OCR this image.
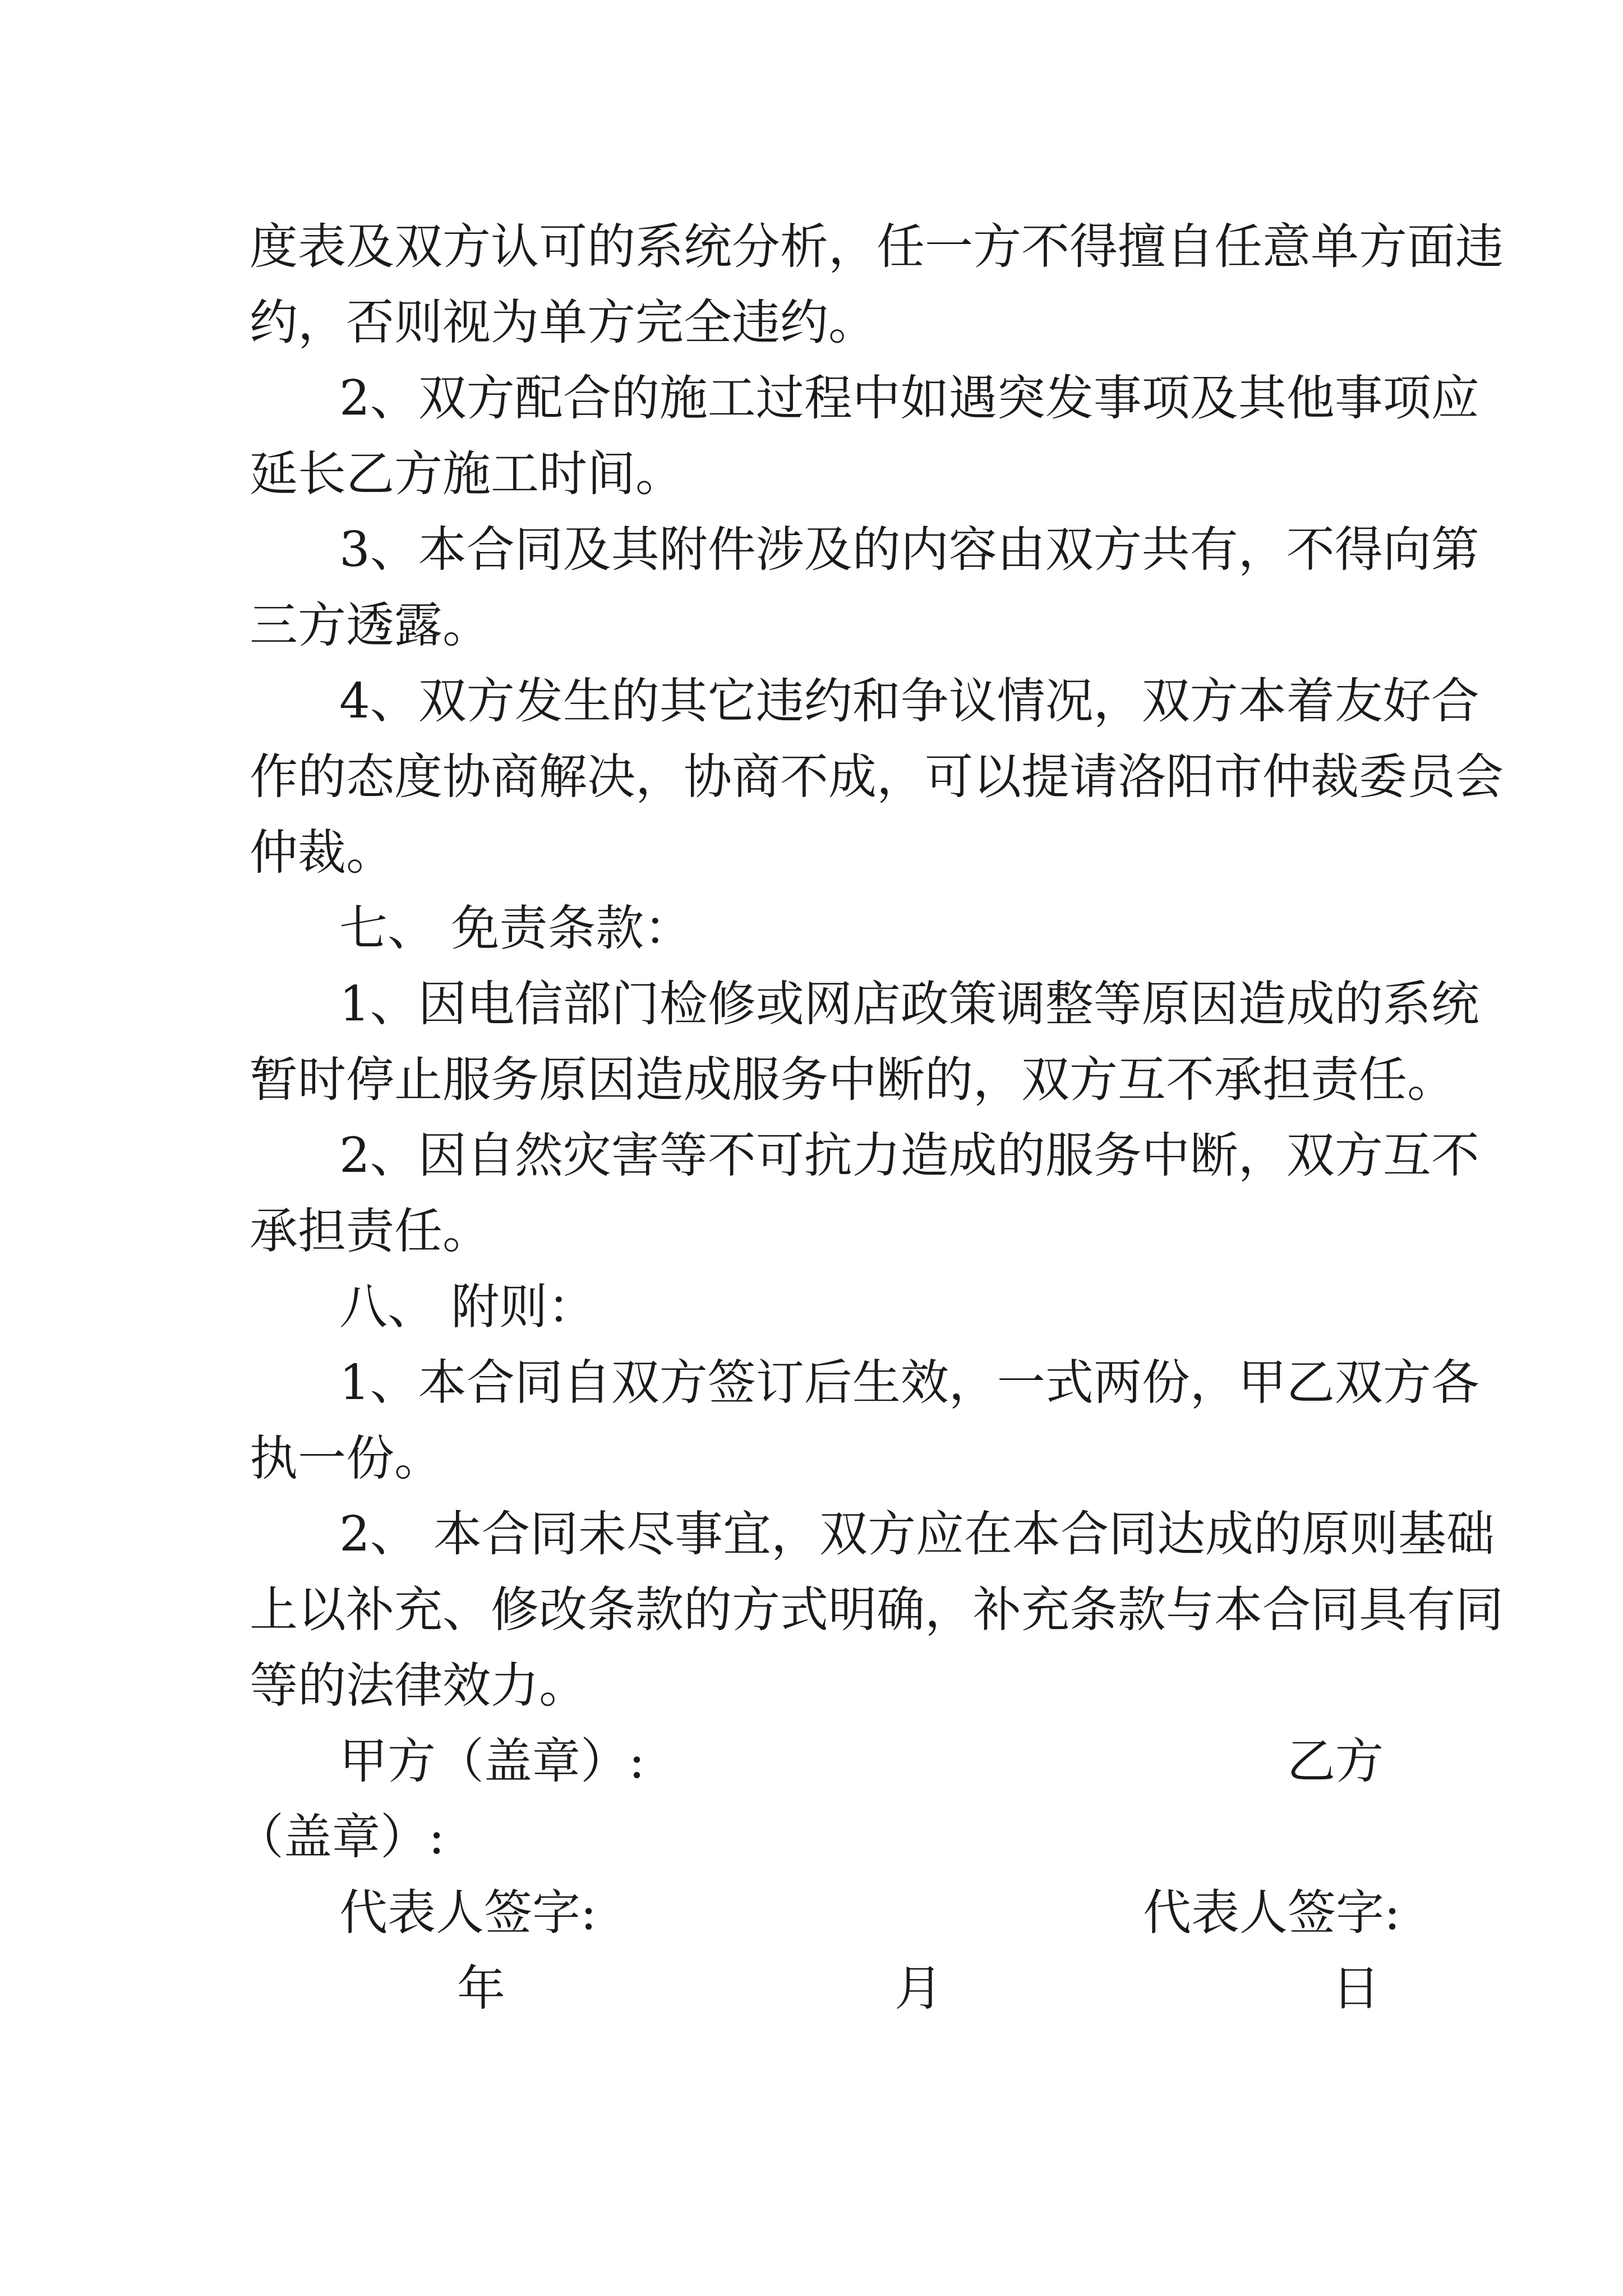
度表及双方认可的系统分析，任一方不得擅自任意单方面违
约，否则视为单方完全违约。
2、双方配合的施工过程中如遇突发事项及其他事项应
延长乙方施工时间。
3、本合同及其附件涉及的内容由双方共有，不得向第
三方透露。
4、双方发生的其它违约和争议情况，双方本着友好合
作的态度协商解决，协商不成，可以提请洛阳市仲裁委员会
仲裁。
七、 免责条款：
1、因电信部门检修或网店政策调整等原因造成的系统
暂时停止服务原因造成服务中断的，双方互不承担责任。
2、因自然灾害等不可抗力造成的服务中断，双方互不
承担责任。
八、 附则：
1、本合同自双方签订后生效，一式两份，甲乙双方各
执一份。
2、 本合同未尽事宜，双方应在本合同达成的原则基础
上以补充、修改条款的方式明确，补充条款与本合同具有同
等的法律效力。
甲方（盖章）:	乙方
（盖章）:
代表人签字:	代表人签字:
年	月	日
